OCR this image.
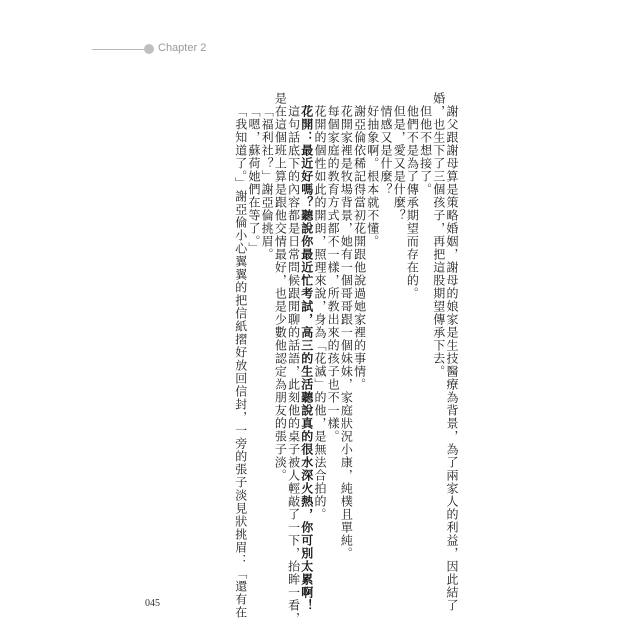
Chapter 2
謝父跟謝母算是策略婚姻，謝母的娘家是生技醫療為背景，為了兩家人的利益，因此結了
婚，也生下了三個孩子，再把這股期望傳承下去。
但他不想接了。
他們不是為了傳承期望而存在的。
但是，愛又是什麼？
情感又是什麼？
好抽象啊。根本就不懂。
謝亞倫依稀記得當初花開跟他說過她家裡的事情。
花開家裡是牧場背景，她有一個哥哥跟一個妹妹，家庭狀況小康，純樸且單純。
每個家庭的教育方式都不一樣，所教出來的孩子也不一樣。
花開的個性如此的開朗，照理來說，身為「花滅」的他，是無法合拍的。
花開：最近好嗎？聽說你最近忙考試，高三的生活聽說真的很水深火熱，你可別太累啊！
這句話底下的內容都是日常問候跟閒聊的話語，此刻他的桌子被人輕敲了一下，抬眸一看，
是在這個班上算是跟他交情最好，也是少數他認定為朋友的張子淡。
「福利社？」謝亞倫挑眉。
「嗯，蘇荷她們在等了。」
「我知道了。」謝亞倫小心翼翼的把信紙摺好放回信封，一旁的張子淡見狀挑眉：「還有在
045
